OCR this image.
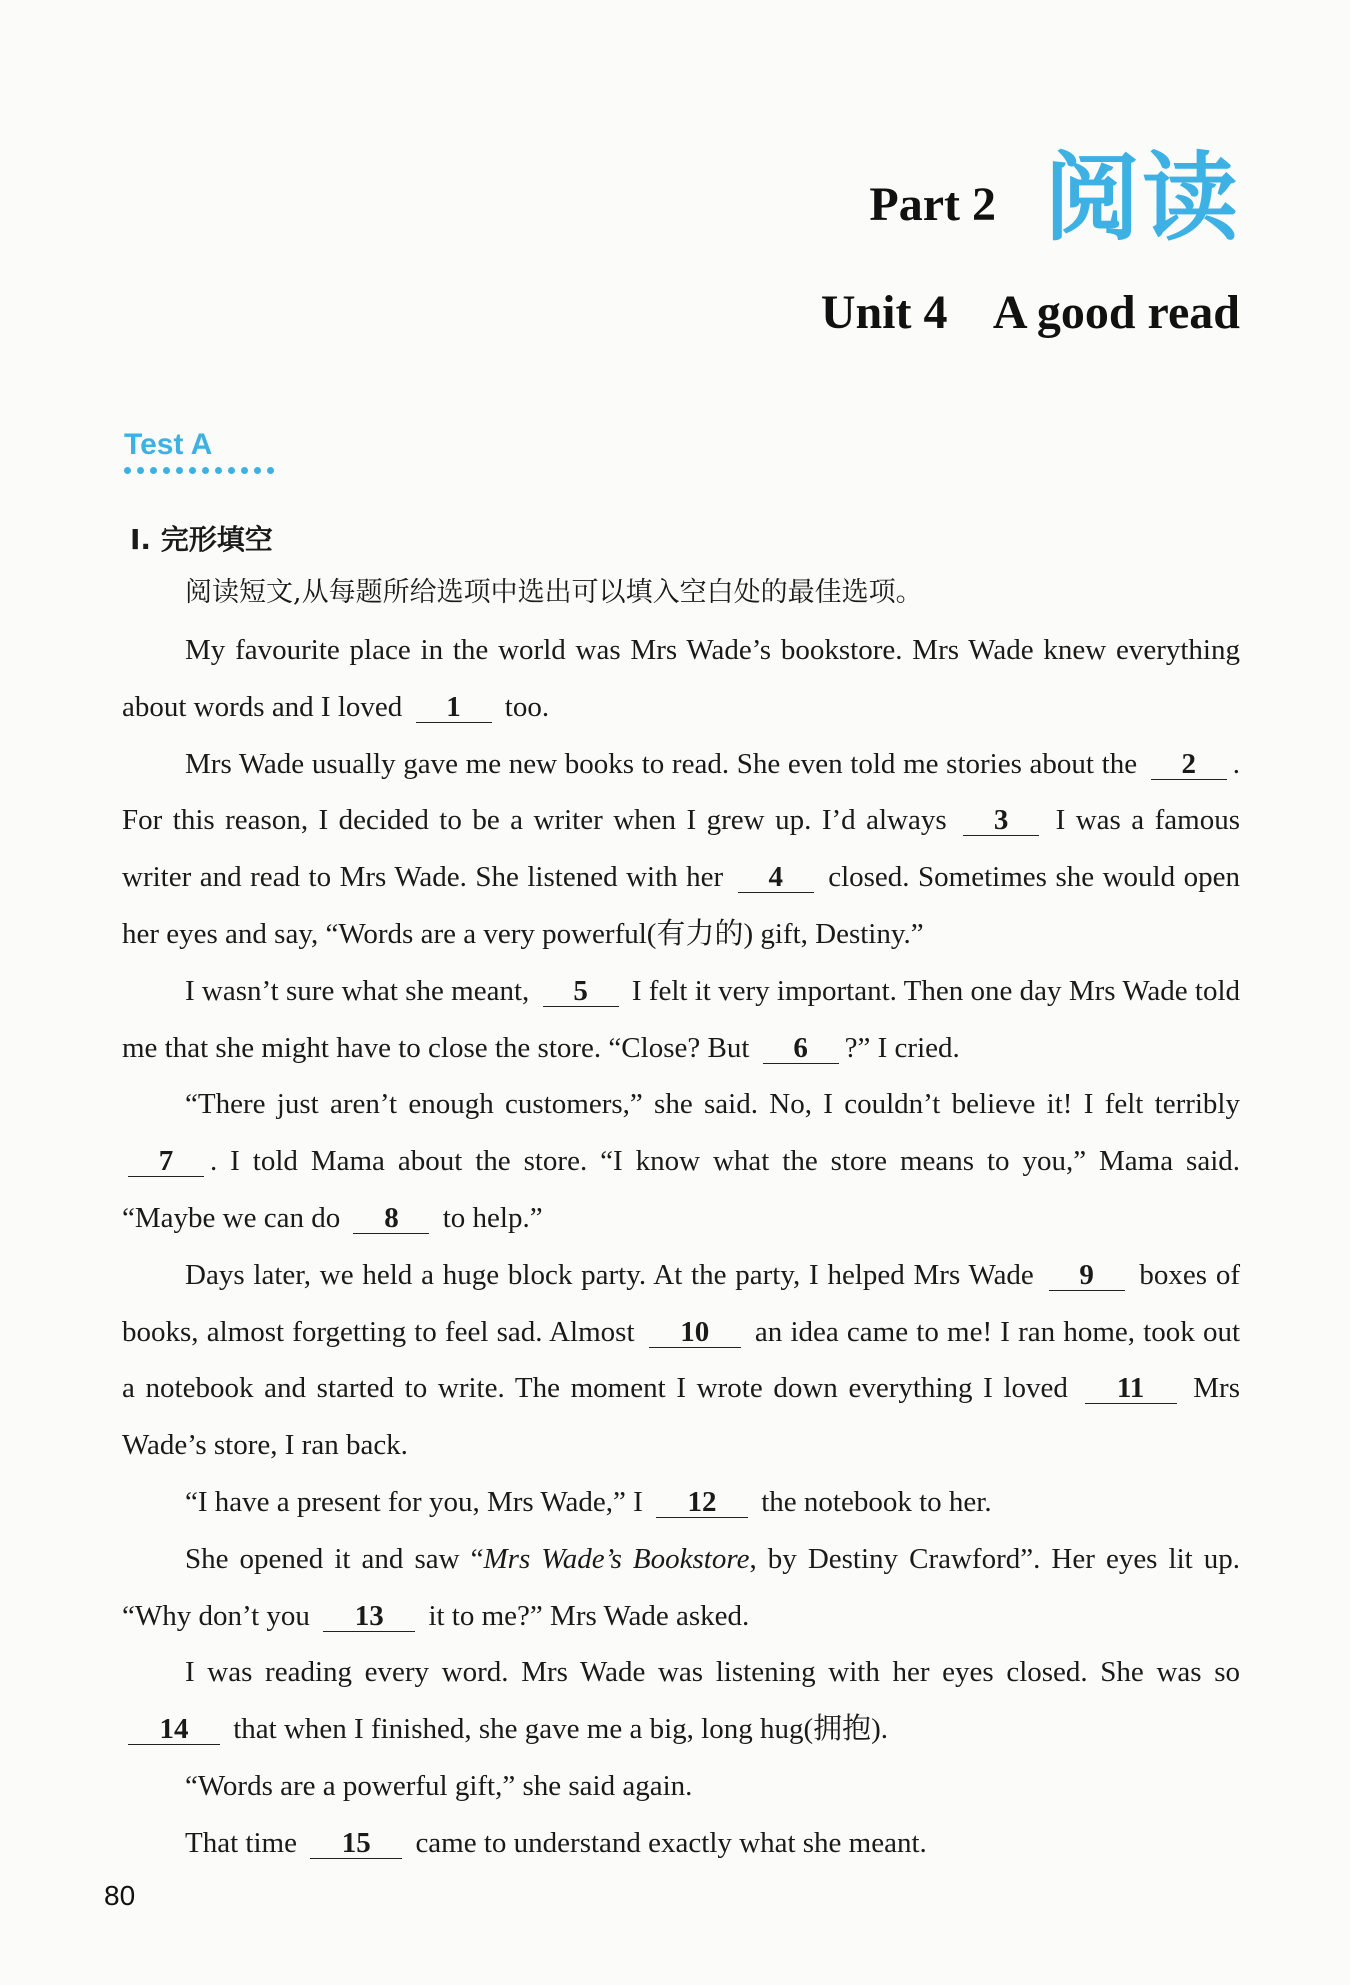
Part 2 阅读
Unit 4    A good read
Test A
Ⅰ. 完形填空
阅读短文,从每题所给选项中选出可以填入空白处的最佳选项。

My favourite place in the world was Mrs Wade’s bookstore. Mrs Wade knew everything about words and I loved 1 too.

Mrs Wade usually gave me new books to read. She even told me stories about the 2 . For this reason, I decided to be a writer when I grew up. I’d always 3 I was a famous writer and read to Mrs Wade. She listened with her 4 closed. Sometimes she would open her eyes and say, “Words are a very powerful(有力的) gift, Destiny.”

I wasn’t sure what she meant, 5 I felt it very important. Then one day Mrs Wade told me that she might have to close the store. “Close? But 6 ?” I cried.

“There just aren’t enough customers,” she said. No, I couldn’t believe it! I felt terribly 7 . I told Mama about the store. “I know what the store means to you,” Mama said. “Maybe we can do 8 to help.”

Days later, we held a huge block party. At the party, I helped Mrs Wade 9 boxes of books, almost forgetting to feel sad. Almost 10 an idea came to me! I ran home, took out a notebook and started to write. The moment I wrote down everything I loved 11 Mrs Wade’s store, I ran back.

“I have a present for you, Mrs Wade,” I 12 the notebook to her.

She opened it and saw “Mrs Wade’s Bookstore, by Destiny Crawford”. Her eyes lit up. “Why don’t you 13 it to me?” Mrs Wade asked.

I was reading every word. Mrs Wade was listening with her eyes closed. She was so 14 that when I finished, she gave me a big, long hug(拥抱).

“Words are a powerful gift,” she said again.

That time 15 came to understand exactly what she meant.

80
